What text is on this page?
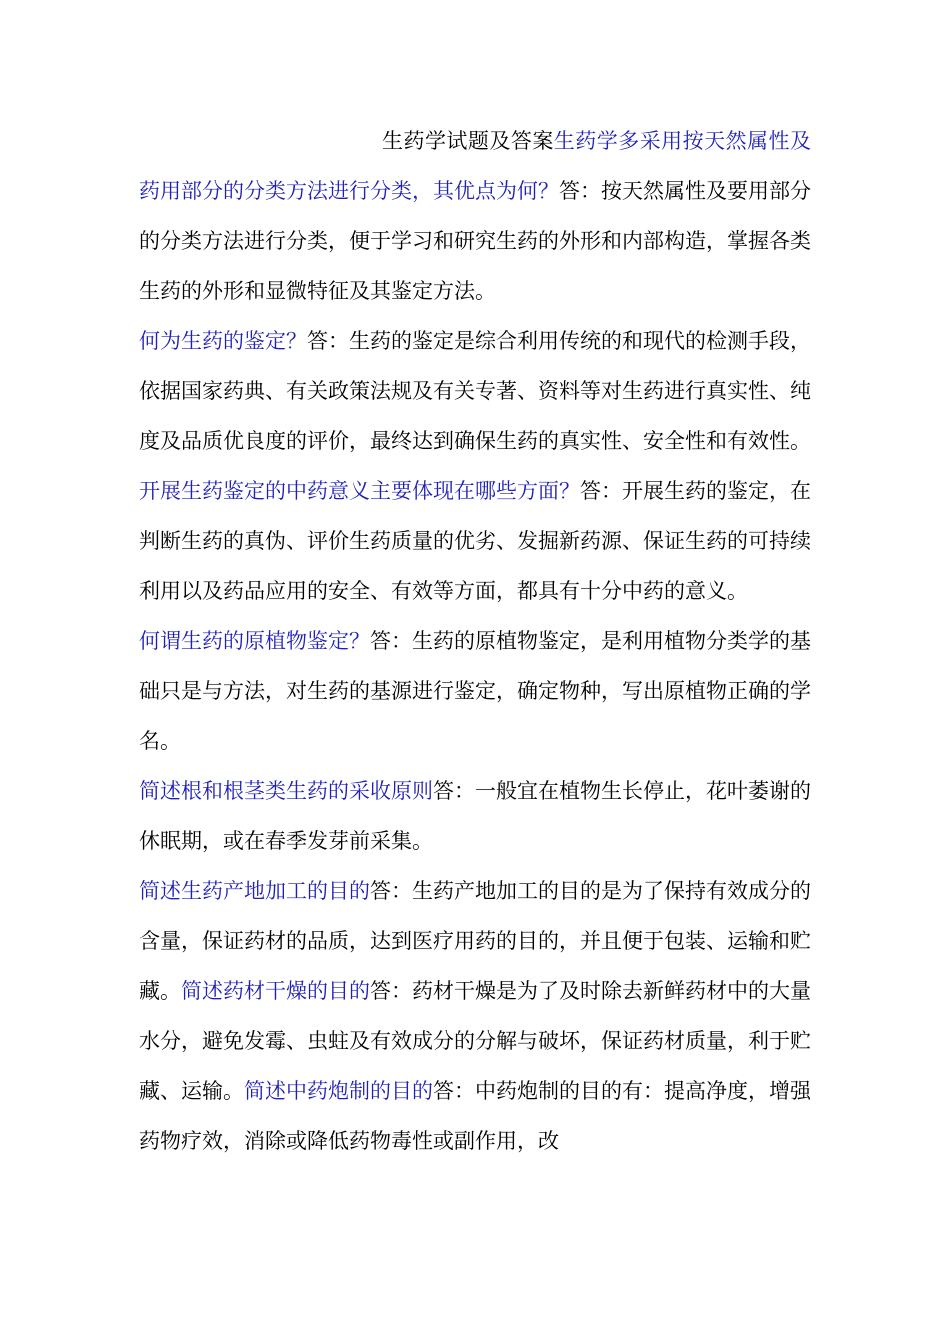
生药学试题及答案生药学多采用按天然属性及药用部分的分类方法进行分类，其优点为何？答：按天然属性及要用部分的分类方法进行分类，便于学习和研究生药的外形和内部构造，掌握各类生药的外形和显微特征及其鉴定方法。

何为生药的鉴定？答：生药的鉴定是综合利用传统的和现代的检测手段，依据国家药典、有关政策法规及有关专著、资料等对生药进行真实性、纯度及品质优良度的评价，最终达到确保生药的真实性、安全性和有效性。开展生药鉴定的中药意义主要体现在哪些方面？答：开展生药的鉴定，在判断生药的真伪、评价生药质量的优劣、发掘新药源、保证生药的可持续利用以及药品应用的安全、有效等方面，都具有十分中药的意义。

何谓生药的原植物鉴定？答：生药的原植物鉴定，是利用植物分类学的基础只是与方法，对生药的基源进行鉴定，确定物种，写出原植物正确的学名。

简述根和根茎类生药的采收原则答：一般宜在植物生长停止，花叶萎谢的休眠期，或在春季发芽前采集。

简述生药产地加工的目的答：生药产地加工的目的是为了保持有效成分的含量，保证药材的品质，达到医疗用药的目的，并且便于包装、运输和贮藏。简述药材干燥的目的答：药材干燥是为了及时除去新鲜药材中的大量水分，避免发霉、虫蛀及有效成分的分解与破坏，保证药材质量，利于贮藏、运输。简述中药炮制的目的答：中药炮制的目的有：提高净度，增强药物疗效，消除或降低药物毒性或副作用，改
